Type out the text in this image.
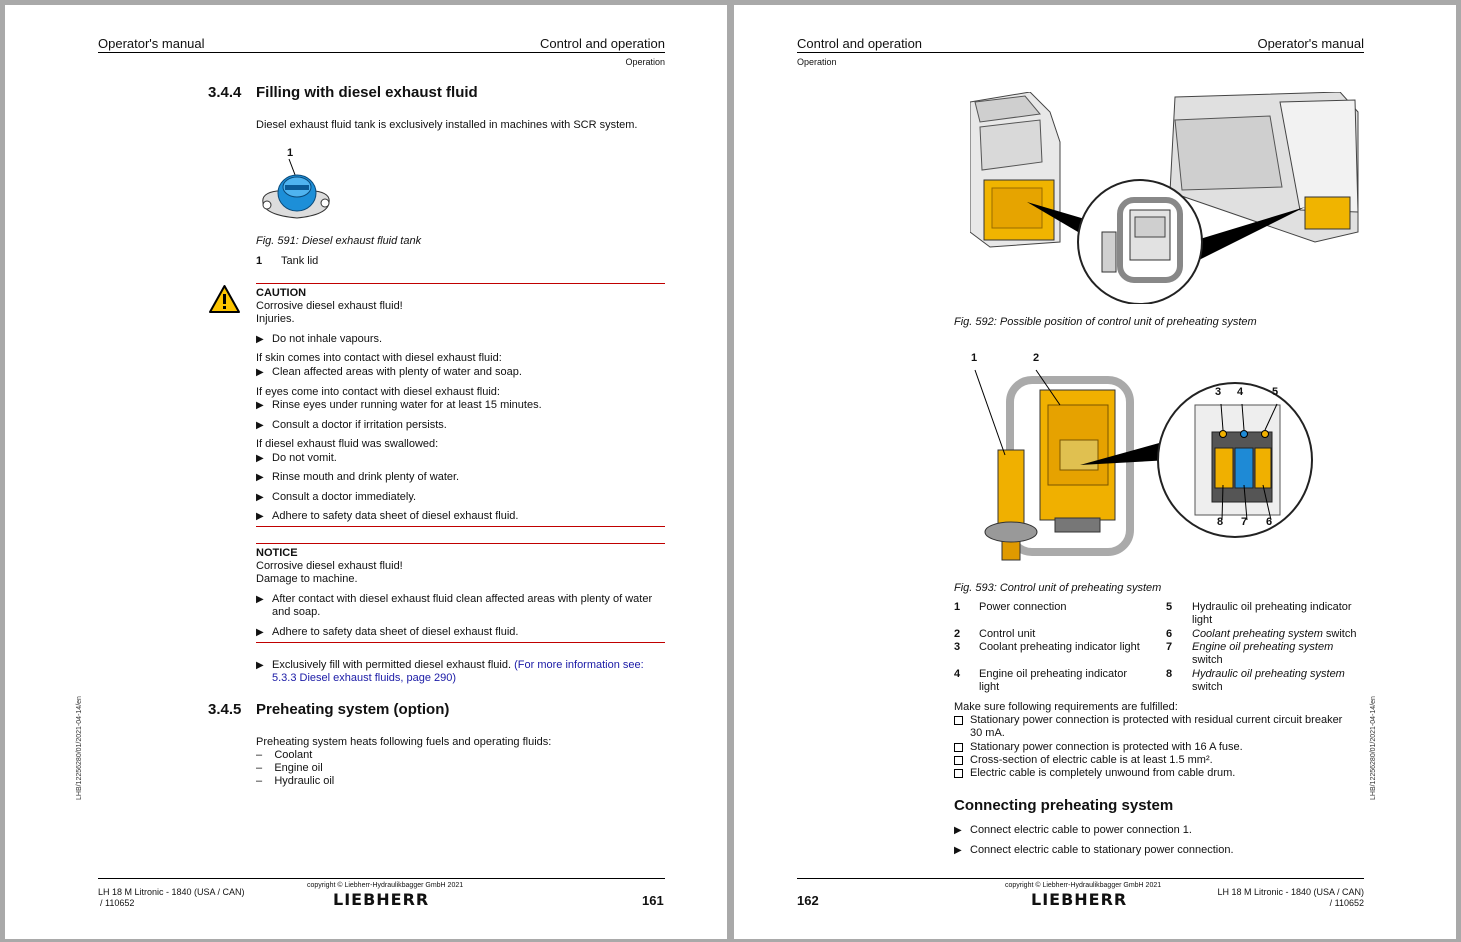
Operator's manual	Control and operation
Operation
3.4.4 Filling with diesel exhaust fluid
Diesel exhaust fluid tank is exclusively installed in machines with SCR system.
1
Fig. 591: Diesel exhaust fluid tank
1 Tank lid
CAUTION
Corrosive diesel exhaust fluid!
Injuries.
▶ Do not inhale vapours.
If skin comes into contact with diesel exhaust fluid:
▶ Clean affected areas with plenty of water and soap.
If eyes come into contact with diesel exhaust fluid:
▶ Rinse eyes under running water for at least 15 minutes.
▶ Consult a doctor if irritation persists.
If diesel exhaust fluid was swallowed:
▶ Do not vomit.
▶ Rinse mouth and drink plenty of water.
▶ Consult a doctor immediately.
▶ Adhere to safety data sheet of diesel exhaust fluid.
NOTICE
Corrosive diesel exhaust fluid!
Damage to machine.
▶ After contact with diesel exhaust fluid clean affected areas with plenty of water and soap.
▶ Adhere to safety data sheet of diesel exhaust fluid.
▶ Exclusively fill with permitted diesel exhaust fluid. (For more information see:
5.3.3 Diesel exhaust fluids, page 290)
3.4.5 Preheating system (option)
Preheating system heats following fuels and operating fluids:
–    Coolant
–    Engine oil
–    Hydraulic oil
LHB/12256280/01/2021-04-14/en
LH 18 M Litronic - 1840 (USA / CAN)
/ 110652
copyright © Liebherr-Hydraulikbagger GmbH 2021
LIEBHERR	161
Control and operation	Operator's manual
Operation
Fig. 592: Possible position of control unit of preheating system
1	2
3 4	5
6
7
8
Fig. 593: Control unit of preheating system
1 Power connection
2 Control unit
3 Coolant preheating indicator light
4 Engine oil preheating indicator light
5 Hydraulic oil preheating indicator light
6 Coolant preheating system switch
7 Engine oil preheating system switch
8 Hydraulic oil preheating system switch
Make sure following requirements are fulfilled:
Stationary power connection is protected with residual current circuit breaker 30 mA.
Stationary power connection is protected with 16 A fuse.
Cross-section of electric cable is at least 1.5 mm².
Electric cable is completely unwound from cable drum.
Connecting preheating system
▶ Connect electric cable to power connection 1.
▶ Connect electric cable to stationary power connection.
LHB/12256280/01/2021-04-14/en
162
copyright © Liebherr-Hydraulikbagger GmbH 2021
LIEBHERR	LH 18 M Litronic - 1840 (USA / CAN)
/ 110652
